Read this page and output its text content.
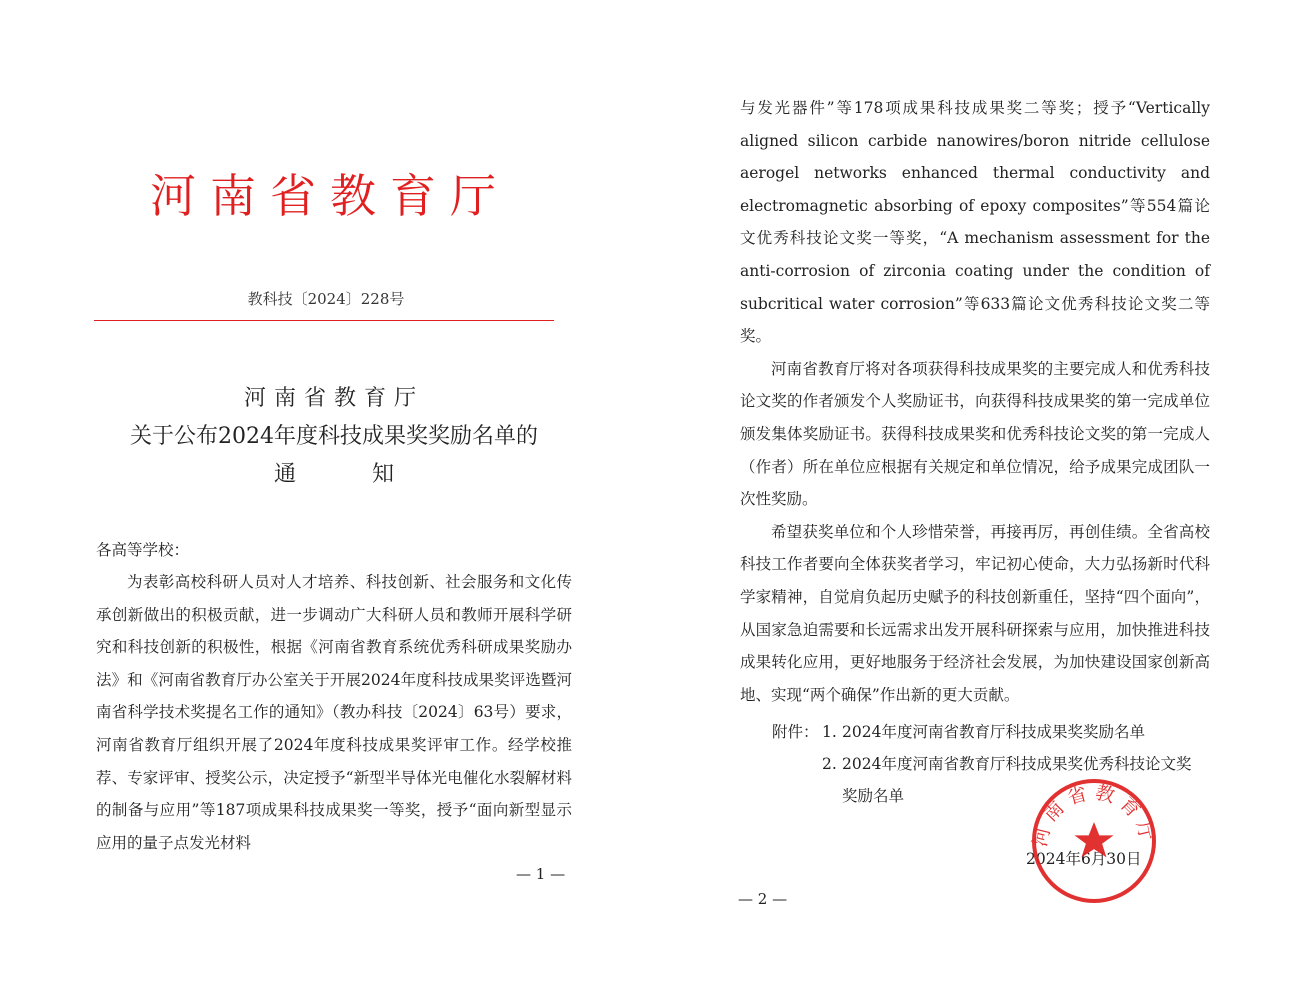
河南省教育厅
教科技〔2024〕228号
河南省教育厅
关于公布2024年度科技成果奖奖励名单的
通知
各高等学校：

为表彰高校科研人员对人才培养、科技创新、社会服务和文化传承创新做出的积极贡献，进一步调动广大科研人员和教师开展科学研究和科技创新的积极性，根据《河南省教育系统优秀科研成果奖励办法》和《河南省教育厅办公室关于开展2024年度科技成果奖评选暨河南省科学技术奖提名工作的通知》（教办科技〔2024〕63号）要求，河南省教育厅组织开展了2024年度科技成果奖评审工作。经学校推荐、专家评审、授奖公示，决定授予“新型半导体光电催化水裂解材料的制备与应用”等187项成果科技成果奖一等奖，授予“面向新型显示应用的量子点发光材料

— 1 —

与发光器件”等178项成果科技成果奖二等奖；授予“Vertically aligned silicon carbide nanowires/boron nitride cellulose aerogel networks enhanced thermal conductivity and electromagnetic absorbing of epoxy composites”等554篇论文优秀科技论文奖一等奖，“A mechanism assessment for the anti-corrosion of zirconia coating under the condition of subcritical water corrosion”等633篇论文优秀科技论文奖二等奖。

河南省教育厅将对各项获得科技成果奖的主要完成人和优秀科技论文奖的作者颁发个人奖励证书，向获得科技成果奖的第一完成单位颁发集体奖励证书。获得科技成果奖和优秀科技论文奖的第一完成人（作者）所在单位应根据有关规定和单位情况，给予成果完成团队一次性奖励。

希望获奖单位和个人珍惜荣誉，再接再厉，再创佳绩。全省高校科技工作者要向全体获奖者学习，牢记初心使命，大力弘扬新时代科学家精神，自觉肩负起历史赋予的科技创新重任，坚持“四个面向”，从国家急迫需要和长远需求出发开展科研探索与应用，加快推进科技成果转化应用，更好地服务于经济社会发展，为加快建设国家创新高地、实现“两个确保”作出新的更大贡献。

附件： 1. 2024年度河南省教育厅科技成果奖奖励名单
2. 2024年度河南省教育厅科技成果奖优秀科技论文奖
奖励名单
2024年6月30日
河南省教育厅
— 2 —
